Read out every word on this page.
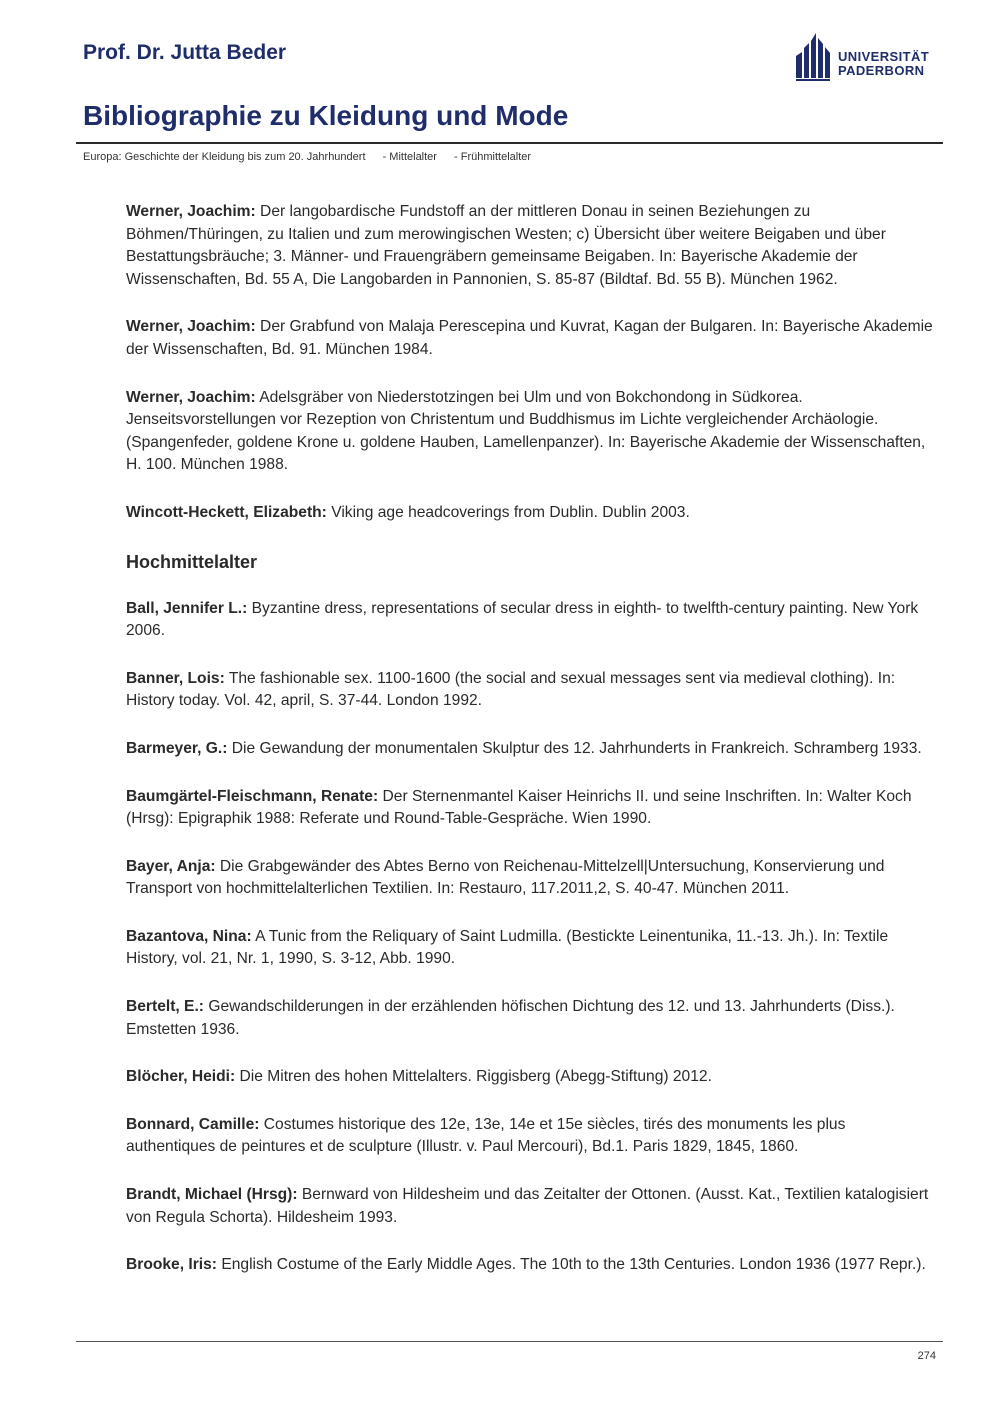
Prof. Dr. Jutta Beder	UNIVERSITÄT
PADERBORN
Bibliographie zu Kleidung und Mode
Europa: Geschichte der Kleidung bis zum 20. Jahrhundert - Mittelalter - Frühmittelalter

Werner, Joachim: Der langobardische Fundstoff an der mittleren Donau in seinen Beziehungen zu Böhmen/Thüringen, zu Italien und zum merowingischen Westen; c) Übersicht über weitere Beigaben und über Bestattungsbräuche; 3. Männer- und Frauengräbern gemeinsame Beigaben. In: Bayerische Akademie der Wissenschaften, Bd. 55 A, Die Langobarden in Pannonien, S. 85-87 (Bildtaf. Bd. 55 B). München 1962.

Werner, Joachim: Der Grabfund von Malaja Perescepina und Kuvrat, Kagan der Bulgaren. In: Bayerische Akademie der Wissenschaften, Bd. 91. München 1984.

Werner, Joachim: Adelsgräber von Niederstotzingen bei Ulm und von Bokchondong in Südkorea. Jenseitsvorstellungen vor Rezeption von Christentum und Buddhismus im Lichte vergleichender Archäologie. (Spangenfeder, goldene Krone u. goldene Hauben, Lamellenpanzer). In: Bayerische Akademie der Wissenschaften, H. 100. München 1988.

Wincott-Heckett, Elizabeth: Viking age headcoverings from Dublin. Dublin 2003.

Hochmittelalter

Ball, Jennifer L.: Byzantine dress, representations of secular dress in eighth- to twelfth-century painting. New York 2006.

Banner, Lois: The fashionable sex. 1100-1600 (the social and sexual messages sent via medieval clothing). In: History today. Vol. 42, april, S. 37-44. London 1992.

Barmeyer, G.: Die Gewandung der monumentalen Skulptur des 12. Jahrhunderts in Frankreich. Schramberg 1933.

Baumgärtel-Fleischmann, Renate: Der Sternenmantel Kaiser Heinrichs II. und seine Inschriften. In: Walter Koch (Hrsg): Epigraphik 1988: Referate und Round-Table-Gespräche. Wien 1990.

Bayer, Anja: Die Grabgewänder des Abtes Berno von Reichenau-Mittelzell|Untersuchung, Konservierung und Transport von hochmittelalterlichen Textilien. In: Restauro, 117.2011,2, S. 40-47. München 2011.

Bazantova, Nina: A Tunic from the Reliquary of Saint Ludmilla. (Bestickte Leinentunika, 11.-13. Jh.). In: Textile History, vol. 21, Nr. 1, 1990, S. 3-12, Abb. 1990.

Bertelt, E.: Gewandschilderungen in der erzählenden höfischen Dichtung des 12. und 13. Jahrhunderts (Diss.). Emstetten 1936.

Blöcher, Heidi: Die Mitren des hohen Mittelalters. Riggisberg (Abegg-Stiftung) 2012.

Bonnard, Camille: Costumes historique des 12e, 13e, 14e et 15e siècles, tirés des monuments les plus authentiques de peintures et de sculpture (Illustr. v. Paul Mercouri), Bd.1. Paris 1829, 1845, 1860.

Brandt, Michael (Hrsg): Bernward von Hildesheim und das Zeitalter der Ottonen. (Ausst. Kat., Textilien katalogisiert von Regula Schorta). Hildesheim 1993.

Brooke, Iris: English Costume of the Early Middle Ages. The 10th to the 13th Centuries. London 1936 (1977 Repr.).

274
